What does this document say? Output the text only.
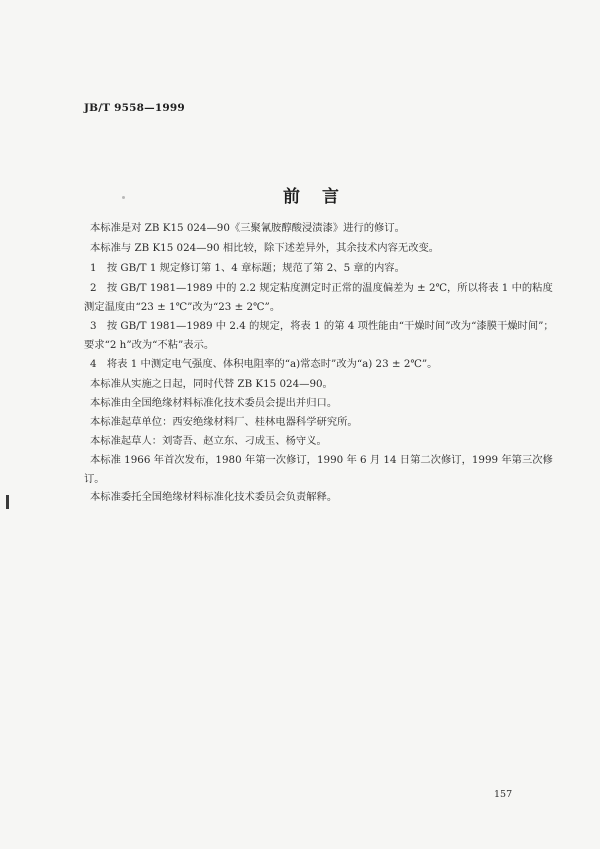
JB/T 9558—1999
前言
本标准是对 ZB K15 024—90《三聚氰胺醇酸浸渍漆》进行的修订。
本标准与 ZB K15 024—90 相比较，除下述差异外，其余技术内容无改变。
1　按 GB/T 1 规定修订第 1、4 章标题；规范了第 2、5 章的内容。
2　按 GB/T 1981—1989 中的 2.2 规定粘度测定时正常的温度偏差为 ± 2℃，所以将表 1 中的粘度
测定温度由“23 ± 1℃”改为“23 ± 2℃”。
3　按 GB/T 1981—1989 中 2.4 的规定，将表 1 的第 4 项性能由“干燥时间”改为“漆膜干燥时间”；
要求“2 h”改为“不粘”表示。
4　将表 1 中测定电气强度、体积电阻率的“a)常态时”改为“a) 23 ± 2℃”。
本标准从实施之日起，同时代替 ZB K15 024—90。
本标准由全国绝缘材料标准化技术委员会提出并归口。
本标准起草单位：西安绝缘材料厂、桂林电器科学研究所。
本标准起草人：刘寄吾、赵立东、刁成玉、杨守义。
本标准 1966 年首次发布，1980 年第一次修订，1990 年 6 月 14 日第二次修订，1999 年第三次修
订。
本标准委托全国绝缘材料标准化技术委员会负责解释。
157
